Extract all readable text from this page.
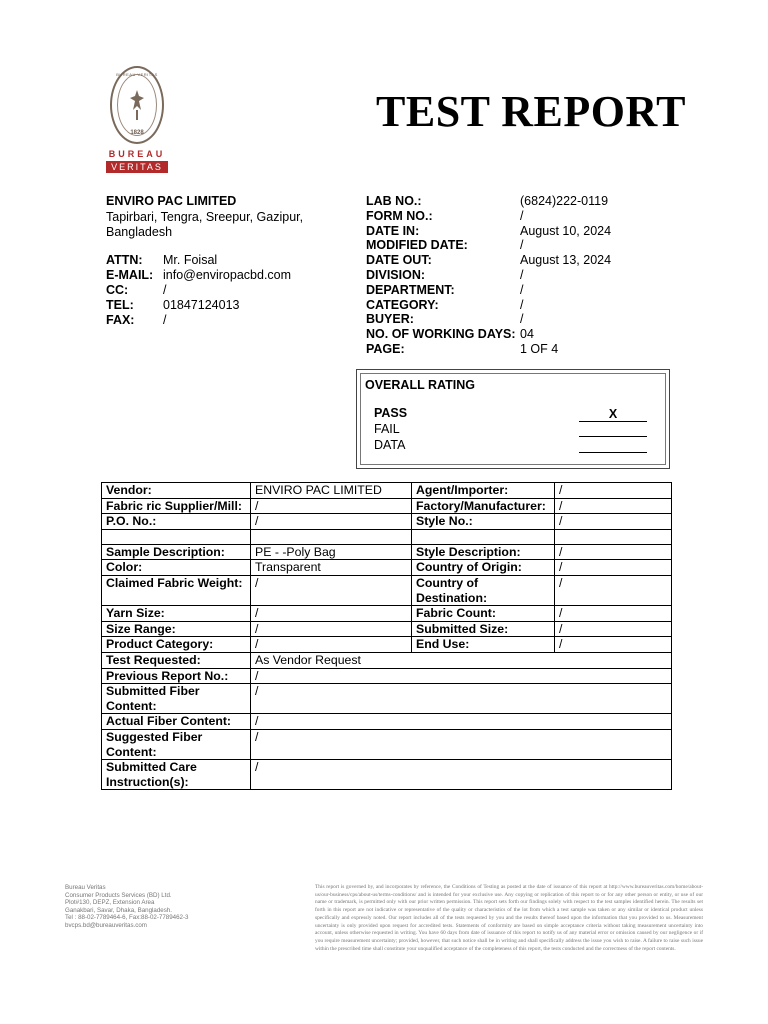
BUREAU VERITAS
1828
BUREAU
VERITAS
TEST REPORT
ENVIRO PAC LIMITED
Tapirbari, Tengra, Sreepur, Gazipur, Bangladesh
ATTN:	Mr. Foisal
E-MAIL: info@enviropacbd.com
CC:	/
TEL:	01847124013
FAX:	/
LAB NO.:	(6824)222-0119
FORM NO.:	/
DATE IN:	August 10, 2024
MODIFIED DATE:	/
DATE OUT:	August 13, 2024
DIVISION:	/
DEPARTMENT:	/
CATEGORY:	/
BUYER:	/
NO. OF WORKING DAYS: 04
PAGE:	1 OF 4
OVERALL RATING
PASS	X
FAIL
DATA
Vendor:	ENVIRO PAC LIMITED	Agent/Importer:	/
Fabric ric Supplier/Mill:	/	Factory/Manufacturer:	/
P.O. No.:	/	Style No.:	/

Sample Description:	PE - -Poly Bag	Style Description:	/
Color:	Transparent	Country of Origin:	/
Claimed Fabric Weight:	/	Country of Destination:	/
Yarn Size:	/	Fabric Count:	/
Size Range:	/	Submitted Size:	/
Product Category:	/	End Use:	/
Test Requested:	As Vendor Request		
Previous Report No.:	/		
Submitted Fiber Content:	/		
Actual Fiber Content:	/		
Suggested Fiber Content:	/		
Submitted Care Instruction(s):	/		
Bureau Veritas
Consumer Products Services (BD) Ltd.
Plot#130, DEPZ, Extension Area
Ganakbari, Savar, Dhaka, Bangladesh.
Tel : 88-02-7789464-6, Fax:88-02-7789462-3
bvcps.bd@bureauveritas.com
This report is governed by, and incorporates by reference, the Conditions of Testing as posted at the date of issuance of this report at http://www.bureauveritas.com/home/about-us/our-business/cps/about-us/terms-conditions/ and is intended for your exclusive use. Any copying or replication of this report to or for any other person or entity, or use of our name or trademark, is permitted only with our prior written permission. This report sets forth our findings solely with respect to the test samples identified herein. The results set forth in this report are not indicative or representative of the quality or characteristics of the lot from which a test sample was taken or any similar or identical product unless specifically and expressly noted. Our report includes all of the tests requested by you and the results thereof based upon the information that you provided to us. Measurement uncertainty is only provided upon request for accredited tests. Statements of conformity are based on simple acceptance criteria without taking measurement uncertainty into account, unless otherwise requested in writing. You have 60 days from date of issuance of this report to notify us of any material error or omission caused by our negligence or if you require measurement uncertainty; provided, however, that such notice shall be in writing and shall specifically address the issue you wish to raise. A failure to raise such issue within the prescribed time shall constitute your unqualified acceptance of the completeness of this report, the tests conducted and the correctness of the report contents.
